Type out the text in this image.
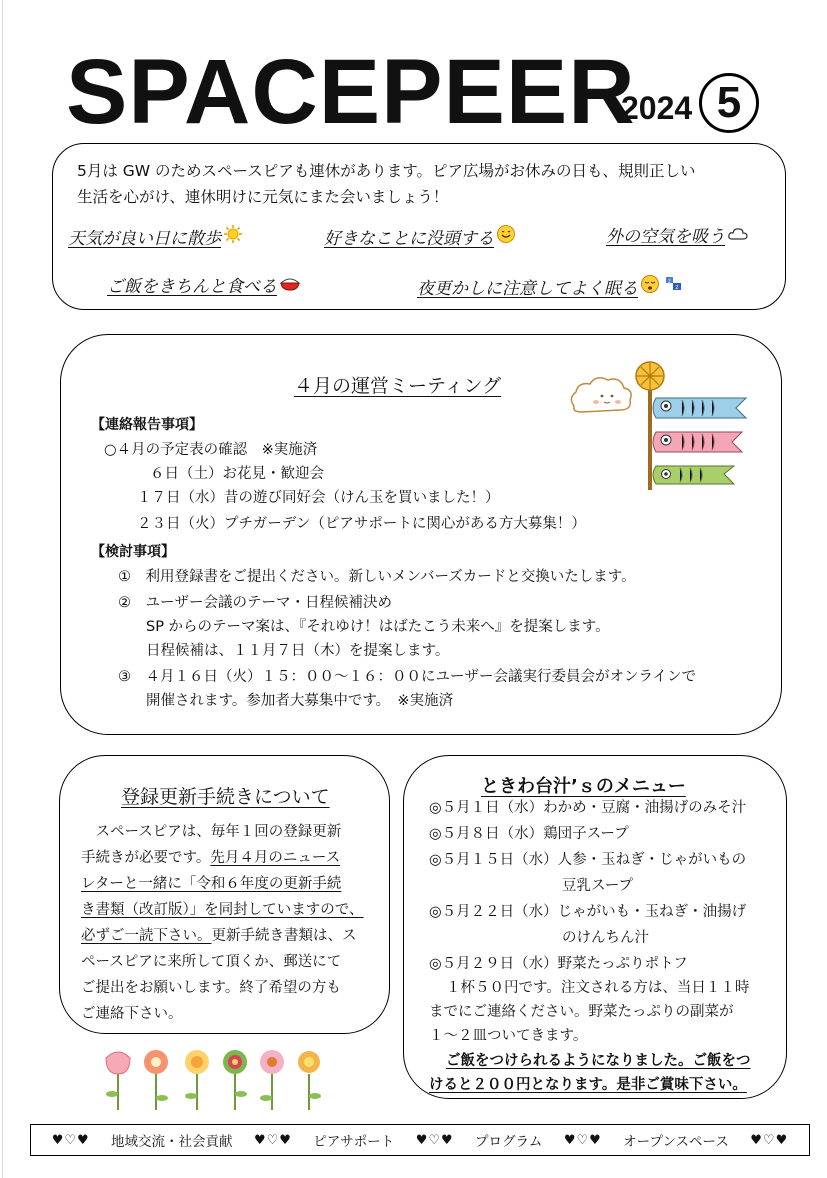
SPACEPEER
2024 5
5月は GW のためスペースピアも連休があります。ピア広場がお休みの日も、規則正しい
生活を心がけ、連休明けに元気にまた会いましょう！
天気が良い日に散歩	好きなことに没頭する	外の空気を吸う
ご飯をきちんと食べる	夜更かしに注意してよく眠る	z
z
４月の運営ミーティング
【連絡報告事項】
○４月の予定表の確認　※実施済
６日（土）お花見・歓迎会
１７日（水）昔の遊び同好会（けん玉を買いました！）
２３日（火）プチガーデン（ピアサポートに関心がある方大募集！）
【検討事項】
①　利用登録書をご提出ください。新しいメンバーズカードと交換いたします。
②　ユーザー会議のテーマ・日程候補決め
SP からのテーマ案は、『それゆけ！はばたこう未来へ』を提案します。
日程候補は、１１月７日（木）を提案します。
③　４月１６日（火）１５：００～１６：００にユーザー会議実行委員会がオンラインで
開催されます。参加者大募集中です。　※実施済
登録更新手続きについて
　スペースピアは、毎年１回の登録更新
手続きが必要です。先月４月のニュース
レターと一緒に「令和６年度の更新手続
き書類（改訂版）」を同封していますので、
必ずご一読下さい。更新手続き書類は、ス
ペースピアに来所して頂くか、郵送にて
ご提出をお願いします。終了希望の方も
ご連絡下さい。
ときわ台汁’ｓのメニュー
◎５月１日（水）わかめ・豆腐・油揚げのみそ汁
◎５月８日（水）鶏団子スープ
◎５月１５日（水）人参・玉ねぎ・じゃがいもの
豆乳スープ
◎５月２２日（水）じゃがいも・玉ねぎ・油揚げ
のけんちん汁
◎５月２９日（水）野菜たっぷりポトフ
１杯５０円です。注文される方は、当日１１時
までにご連絡ください。野菜たっぷりの副菜が
１～２皿ついてきます。
ご飯をつけられるようになりました。ご飯をつ
けると２００円となります。是非ご賞味下さい。
♥♡♥ 地域交流・社会貢献 ♥♡♥ ピアサポート ♥♡♥ プログラム ♥♡♥ オープンスペース ♥♡♥
